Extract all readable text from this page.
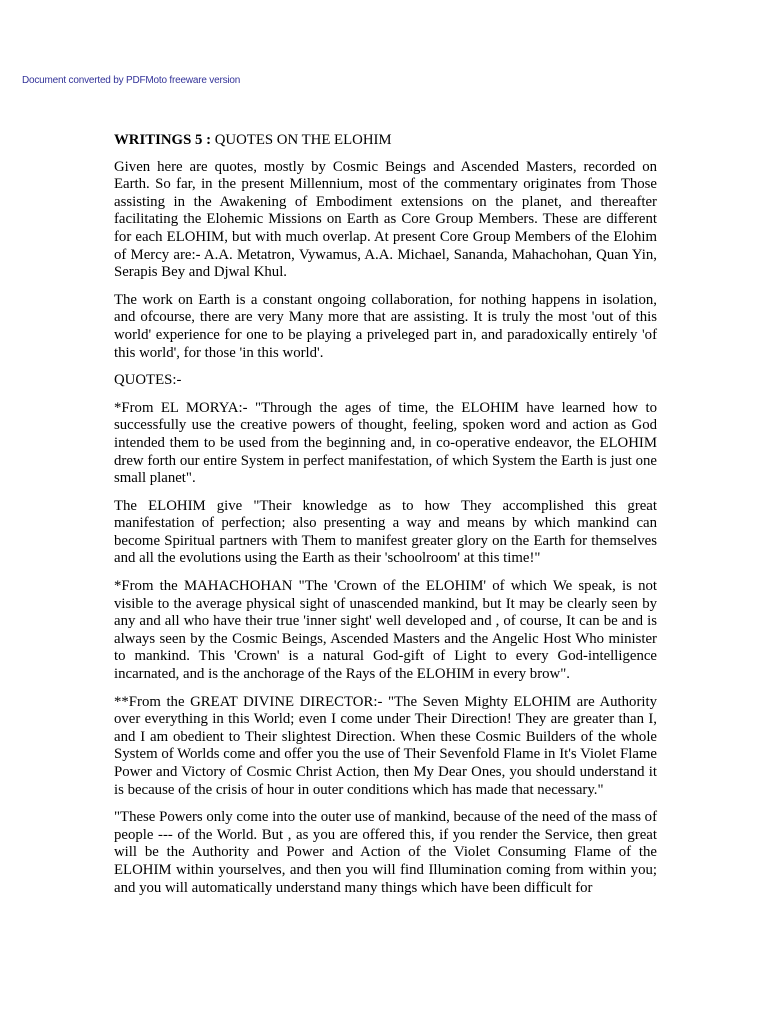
Document converted by PDFMoto freeware version
WRITINGS 5 : QUOTES ON THE ELOHIM

Given here are quotes, mostly by Cosmic Beings and Ascended Masters, recorded on Earth. So far, in the present Millennium, most of the commentary originates from Those assisting in the Awakening of Embodiment extensions on the planet, and thereafter facilitating the Elohemic Missions on Earth as Core Group Members. These are different for each ELOHIM, but with much overlap. At present Core Group Members of the Elohim of Mercy are:- A.A. Metatron, Vywamus, A.A. Michael, Sananda, Mahachohan, Quan Yin, Serapis Bey and Djwal Khul.

The work on Earth is a constant ongoing collaboration, for nothing happens in isolation, and ofcourse, there are very Many more that are assisting. It is truly the most 'out of this world' experience for one to be playing a priveleged part in, and paradoxically entirely 'of this world', for those 'in this world'.

QUOTES:-

*From EL MORYA:- "Through the ages of time, the ELOHIM have learned how to successfully use the creative powers of thought, feeling, spoken word and action as God intended them to be used from the beginning and, in co-operative endeavor, the ELOHIM drew forth our entire System in perfect manifestation, of which System the Earth is just one small planet".

The ELOHIM give "Their knowledge as to how They accomplished this great manifestation of perfection; also presenting a way and means by which mankind can become Spiritual partners with Them to manifest greater glory on the Earth for themselves and all the evolutions using the Earth as their 'schoolroom' at this time!"

*From the MAHACHOHAN "The 'Crown of the ELOHIM' of which We speak, is not visible to the average physical sight of unascended mankind, but It may be clearly seen by any and all who have their true 'inner sight' well developed and , of course, It can be and is always seen by the Cosmic Beings, Ascended Masters and the Angelic Host Who minister to mankind. This 'Crown' is a natural God-gift of Light to every God-intelligence incarnated, and is the anchorage of the Rays of the ELOHIM in every brow".

**From the GREAT DIVINE DIRECTOR:- "The Seven Mighty ELOHIM are Authority over everything in this World; even I come under Their Direction! They are greater than I, and I am obedient to Their slightest Direction. When these Cosmic Builders of the whole System of Worlds come and offer you the use of Their Sevenfold Flame in It's Violet Flame Power and Victory of Cosmic Christ Action, then My Dear Ones, you should understand it is because of the crisis of hour in outer conditions which has made that necessary."

"These Powers only come into the outer use of mankind, because of the need of the mass of people --- of the World. But , as you are offered this, if you render the Service, then great will be the Authority and Power and Action of the Violet Consuming Flame of the ELOHIM within yourselves, and then you will find Illumination coming from within you; and you will automatically understand many things which have been difficult for
